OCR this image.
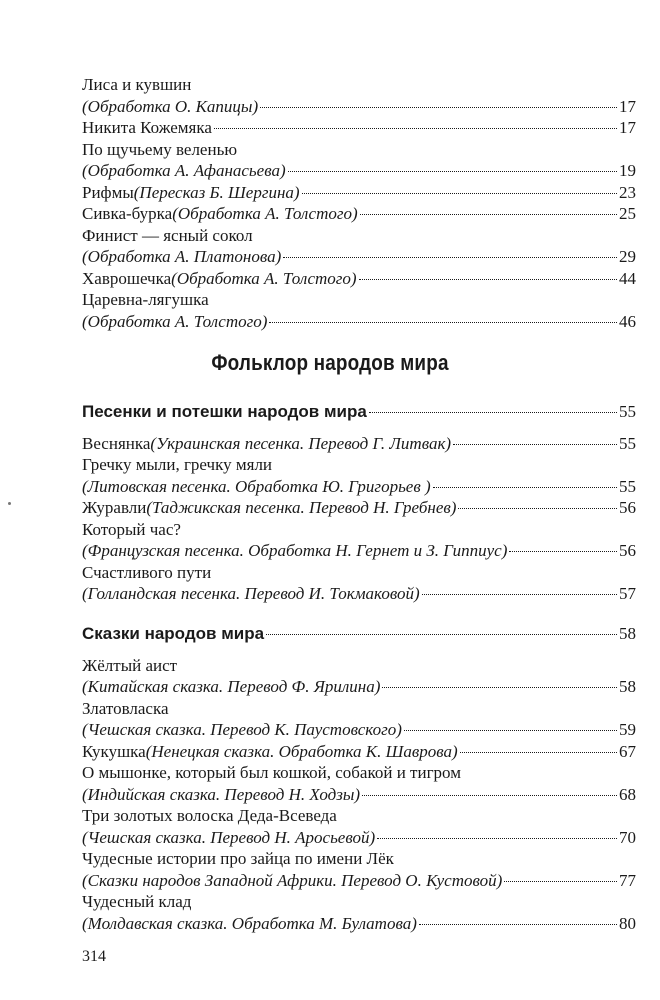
Лиса и кувшин
(Обработка О. Капицы)	17
Никита Кожемяка	17
По щучьему веленью
(Обработка А. Афанасьева)	19
Рифмы (Пересказ Б. Шергина)	23
Сивка-бурка (Обработка А. Толстого)	25
Финист — ясный сокол
(Обработка А. Платонова)	29
Хаврошечка (Обработка А. Толстого)	44
Царевна-лягушка
(Обработка А. Толстого)	46
Фольклор народов мира
Песенки и потешки народов мира	55
Веснянка (Украинская песенка. Перевод Г. Литвак)	55
Гречку мыли, гречку мяли
(Литовская песенка. Обработка Ю. Григорьев )	55
Журавли (Таджикская песенка. Перевод Н. Гребнев)	56
Который час?
(Французская песенка. Обработка Н. Гернет и З. Гиппиус)	56
Счастливого пути
(Голландская песенка. Перевод И. Токмаковой)	57
Сказки народов мира	58
Жёлтый аист
(Китайская сказка. Перевод Ф. Ярилина)	58
Златовласка
(Чешская сказка. Перевод К. Паустовского)	59
Кукушка (Ненецкая сказка. Обработка К. Шаврова)	67
О мышонке, который был кошкой, собакой и тигром
(Индийская сказка. Перевод Н. Ходзы)	68
Три золотых волоска Деда-Всеведа
(Чешская сказка. Перевод Н. Аросьевой)	70
Чудесные истории про зайца по имени Лёк
(Сказки народов Западной Африки. Перевод О. Кустовой)	77
Чудесный клад
(Молдавская сказка. Обработка М. Булатова)	80
314
